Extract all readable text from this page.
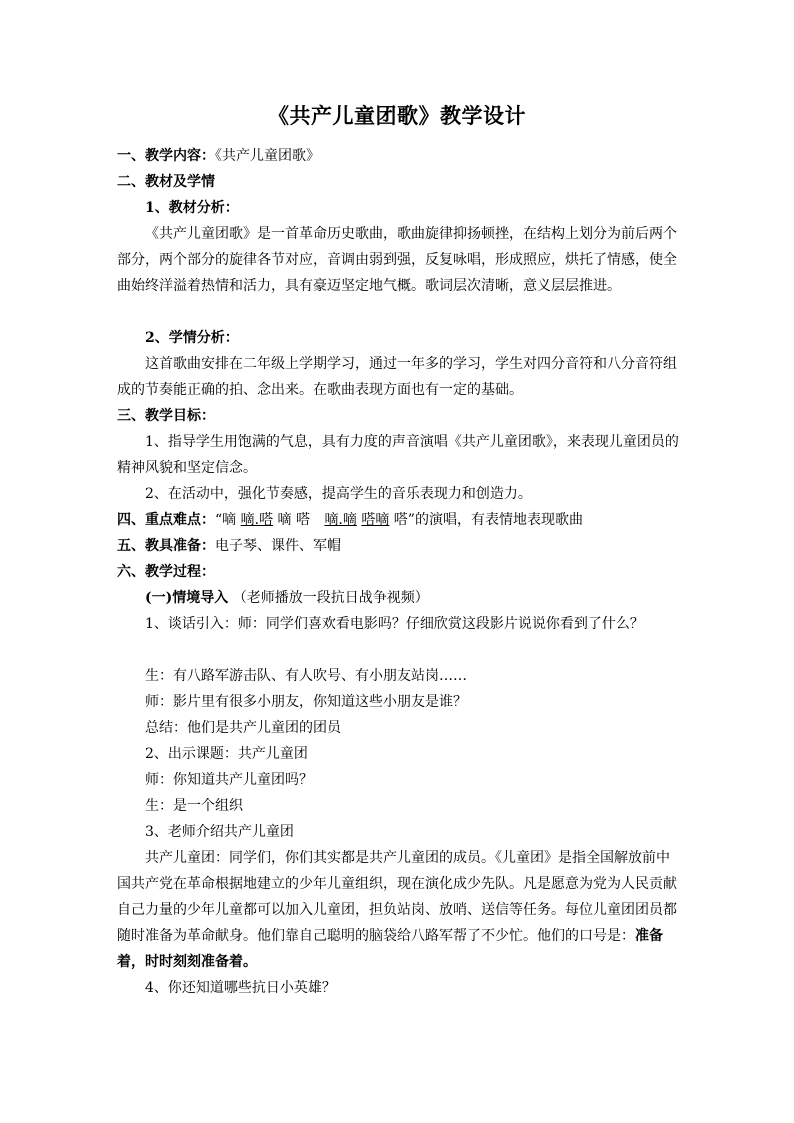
《共产儿童团歌》教学设计
一、教学内容：《共产儿童团歌》
二、教材及学情
1、教材分析：
《共产儿童团歌》是一首革命历史歌曲，歌曲旋律抑扬顿挫，在结构上划分为前后两个部分，两个部分的旋律各节对应，音调由弱到强，反复咏唱，形成照应，烘托了情感，使全曲始终洋溢着热情和活力，具有豪迈坚定地气概。歌词层次清晰，意义层层推进。
2、学情分析：
这首歌曲安排在二年级上学期学习，通过一年多的学习，学生对四分音符和八分音符组成的节奏能正确的拍、念出来。在歌曲表现方面也有一定的基础。
三、教学目标：
1、指导学生用饱满的气息，具有力度的声音演唱《共产儿童团歌》，来表现儿童团员的精神风貌和坚定信念。
2、在活动中，强化节奏感，提高学生的音乐表现力和创造力。
四、重点难点：“嘀 嘀.嗒 嘀 嗒 嘀.嘀 嗒嘀 嗒”的演唱，有表情地表现歌曲
五、教具准备：电子琴、课件、军帽
六、教学过程：
(一)情境导入 （老师播放一段抗日战争视频）
1、谈话引入：师：同学们喜欢看电影吗？仔细欣赏这段影片说说你看到了什么？
生：有八路军游击队、有人吹号、有小朋友站岗……
师：影片里有很多小朋友，你知道这些小朋友是谁？
总结：他们是共产儿童团的团员
2、出示课题：共产儿童团
师：你知道共产儿童团吗？
生：是一个组织
3、老师介绍共产儿童团
共产儿童团：同学们，你们其实都是共产儿童团的成员。《儿童团》是指全国解放前中国共产党在革命根据地建立的少年儿童组织，现在演化成少先队。凡是愿意为党为人民贡献自己力量的少年儿童都可以加入儿童团，担负站岗、放哨、送信等任务。每位儿童团团员都随时准备为革命献身。他们靠自己聪明的脑袋给八路军帮了不少忙。他们的口号是：准备着，时时刻刻准备着。
4、你还知道哪些抗日小英雄？
